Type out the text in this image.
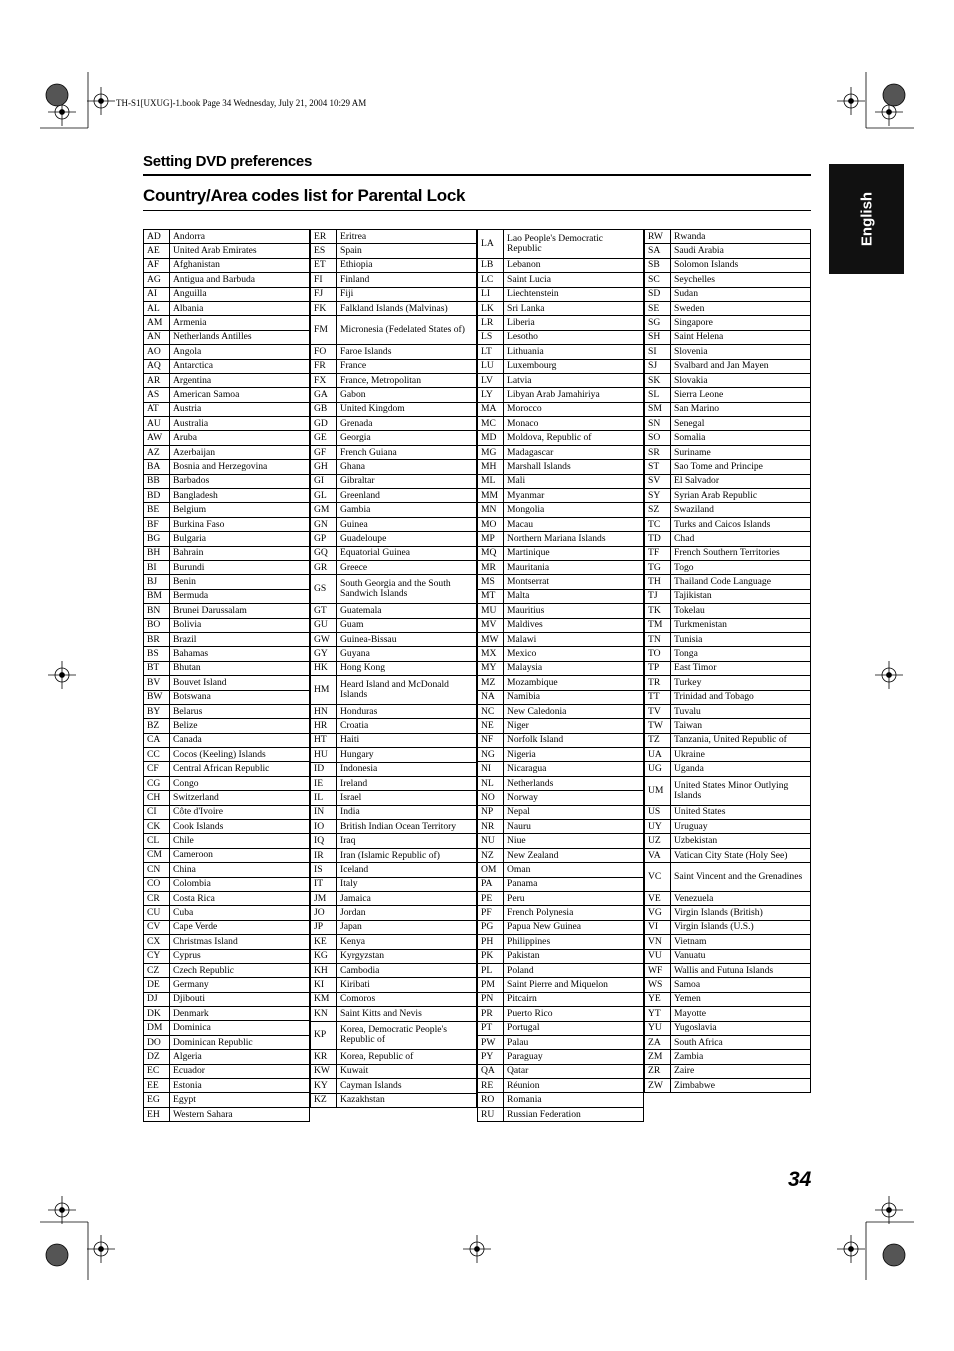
TH-S1[UXUG]-1.book Page 34 Wednesday, July 21, 2004 10:29 AM
Setting DVD preferences
Country/Area codes list for Parental Lock	English
AD	Andorra
AE	United Arab Emirates
AF	Afghanistan
AG	Antigua and Barbuda
AI	Anguilla
AL	Albania
AM	Armenia
AN	Netherlands Antilles
AO	Angola
AQ	Antarctica
AR	Argentina
AS	American Samoa
AT	Austria
AU	Australia
AW	Aruba
AZ	Azerbaijan
BA	Bosnia and Herzegovina
BB	Barbados
BD	Bangladesh
BE	Belgium
BF	Burkina Faso
BG	Bulgaria
BH	Bahrain
BI	Burundi
BJ	Benin
BM	Bermuda
BN	Brunei Darussalam
BO	Bolivia
BR	Brazil
BS	Bahamas
BT	Bhutan
BV	Bouvet Island
BW	Botswana
BY	Belarus
BZ	Belize
CA	Canada
CC	Cocos (Keeling) Islands
CF	Central African Republic
CG	Congo
CH	Switzerland
CI	Côte d'Ivoire
CK	Cook Islands
CL	Chile
CM	Cameroon
CN	China
CO	Colombia
CR	Costa Rica
CU	Cuba
CV	Cape Verde
CX	Christmas Island
CY	Cyprus
CZ	Czech Republic
DE	Germany
DJ	Djibouti
DK	Denmark
DM	Dominica
DO	Dominican Republic
DZ	Algeria
EC	Ecuador
EE	Estonia
EG	Egypt
EH	Western Sahara
ER	Eritrea
ES	Spain
ET	Ethiopia
FI	Finland
FJ	Fiji
FK	Falkland Islands (Malvinas)
FM	Micronesia (Fedelated States of)
FO	Faroe Islands
FR	France
FX	France, Metropolitan
GA	Gabon
GB	United Kingdom
GD	Grenada
GE	Georgia
GF	French Guiana
GH	Ghana
GI	Gibraltar
GL	Greenland
GM	Gambia
GN	Guinea
GP	Guadeloupe
GQ	Equatorial Guinea
GR	Greece
GS	South Georgia and the South Sandwich Islands
GT	Guatemala
GU	Guam
GW	Guinea-Bissau
GY	Guyana
HK	Hong Kong
HM	Heard Island and McDonald Islands
HN	Honduras
HR	Croatia
HT	Haiti
HU	Hungary
ID	Indonesia
IE	Ireland
IL	Israel
IN	India
IO	British Indian Ocean Territory
IQ	Iraq
IR	Iran (Islamic Republic of)
IS	Iceland
IT	Italy
JM	Jamaica
JO	Jordan
JP	Japan
KE	Kenya
KG	Kyrgyzstan
KH	Cambodia
KI	Kiribati
KM	Comoros
KN	Saint Kitts and Nevis
KP	Korea, Democratic People's Republic of
KR	Korea, Republic of
KW	Kuwait
KY	Cayman Islands
KZ	Kazakhstan
LA	Lao People's Democratic Republic
LB	Lebanon
LC	Saint Lucia
LI	Liechtenstein
LK	Sri Lanka
LR	Liberia
LS	Lesotho
LT	Lithuania
LU	Luxembourg
LV	Latvia
LY	Libyan Arab Jamahiriya
MA	Morocco
MC	Monaco
MD	Moldova, Republic of
MG	Madagascar
MH	Marshall Islands
ML	Mali
MM	Myanmar
MN	Mongolia
MO	Macau
MP	Northern Mariana Islands
MQ	Martinique
MR	Mauritania
MS	Montserrat
MT	Malta
MU	Mauritius
MV	Maldives
MW	Malawi
MX	Mexico
MY	Malaysia
MZ	Mozambique
NA	Namibia
NC	New Caledonia
NE	Niger
NF	Norfolk Island
NG	Nigeria
NI	Nicaragua
NL	Netherlands
NO	Norway
NP	Nepal
NR	Nauru
NU	Niue
NZ	New Zealand
OM	Oman
PA	Panama
PE	Peru
PF	French Polynesia
PG	Papua New Guinea
PH	Philippines
PK	Pakistan
PL	Poland
PM	Saint Pierre and Miquelon
PN	Pitcairn
PR	Puerto Rico
PT	Portugal
PW	Palau
PY	Paraguay
QA	Qatar
RE	Réunion
RO	Romania
RU	Russian Federation
RW	Rwanda
SA	Saudi Arabia
SB	Solomon Islands
SC	Seychelles
SD	Sudan
SE	Sweden
SG	Singapore
SH	Saint Helena
SI	Slovenia
SJ	Svalbard and Jan Mayen
SK	Slovakia
SL	Sierra Leone
SM	San Marino
SN	Senegal
SO	Somalia
SR	Suriname
ST	Sao Tome and Principe
SV	El Salvador
SY	Syrian Arab Republic
SZ	Swaziland
TC	Turks and Caicos Islands
TD	Chad
TF	French Southern Territories
TG	Togo
TH	Thailand Code Language
TJ	Tajikistan
TK	Tokelau
TM	Turkmenistan
TN	Tunisia
TO	Tonga
TP	East Timor
TR	Turkey
TT	Trinidad and Tobago
TV	Tuvalu
TW	Taiwan
TZ	Tanzania, United Republic of
UA	Ukraine
UG	Uganda
UM	United States Minor Outlying Islands
US	United States
UY	Uruguay
UZ	Uzbekistan
VA	Vatican City State (Holy See)
VC	Saint Vincent and the Grenadines
VE	Venezuela
VG	Virgin Islands (British)
VI	Virgin Islands (U.S.)
VN	Vietnam
VU	Vanuatu
WF	Wallis and Futuna Islands
WS	Samoa
YE	Yemen
YT	Mayotte
YU	Yugoslavia
ZA	South Africa
ZM	Zambia
ZR	Zaire
ZW	Zimbabwe
34
